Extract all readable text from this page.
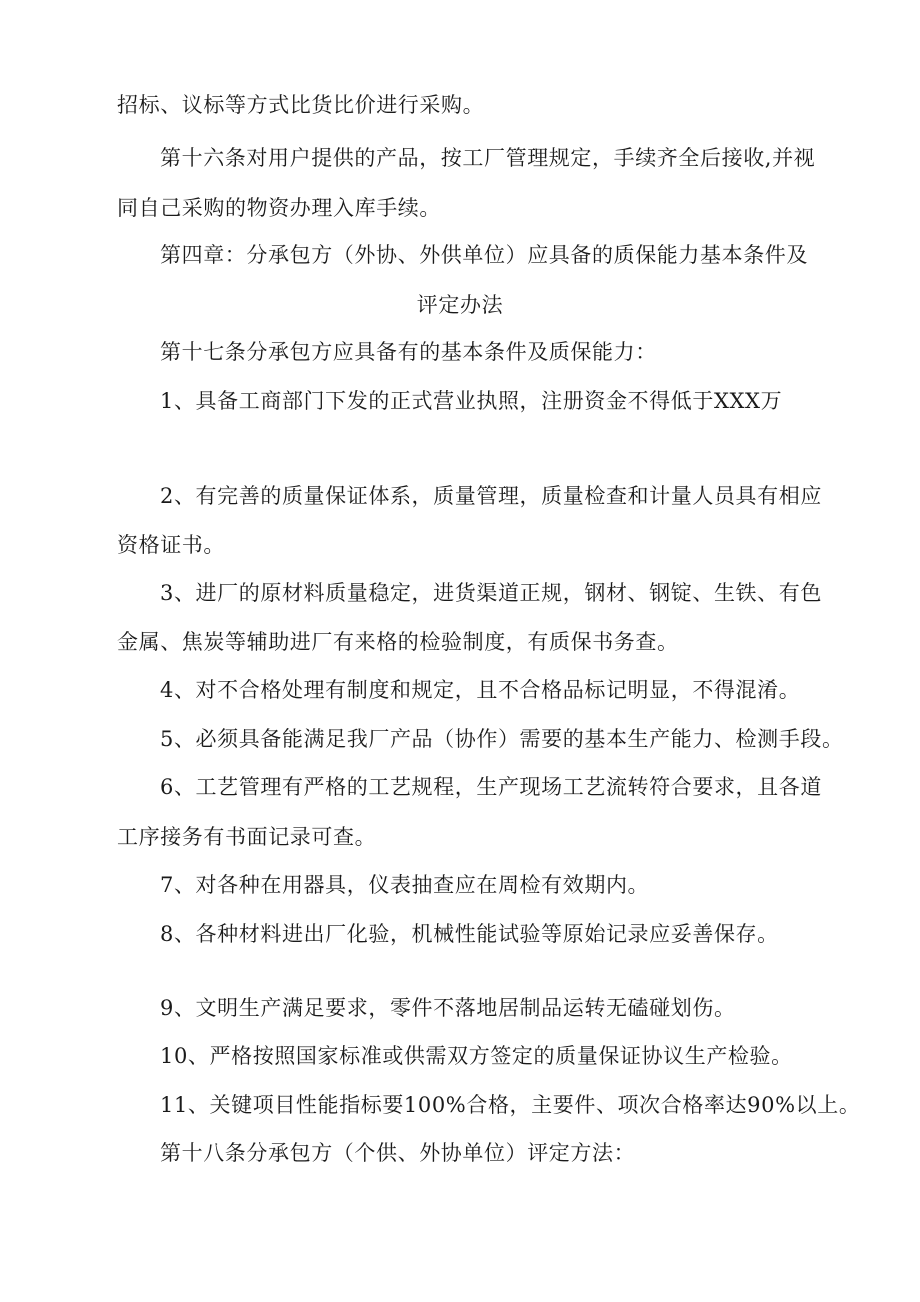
招标、议标等方式比货比价进行采购。
第十六条对用户提供的产品，按工厂管理规定，手续齐全后接收,并视
同自己采购的物资办理入库手续。
第四章：分承包方（外协、外供单位）应具备的质保能力基本条件及
评定办法
第十七条分承包方应具备有的基本条件及质保能力：
1、具备工商部门下发的正式营业执照，注册资金不得低于XXX万
2、有完善的质量保证体系，质量管理，质量检查和计量人员具有相应
资格证书。
3、进厂的原材料质量稳定，进货渠道正规，钢材、钢锭、生铁、有色
金属、焦炭等辅助进厂有来格的检验制度，有质保书务查。
4、对不合格处理有制度和规定，且不合格品标记明显，不得混淆。
5、必须具备能满足我厂产品（协作）需要的基本生产能力、检测手段。
6、工艺管理有严格的工艺规程，生产现场工艺流转符合要求，且各道
工序接务有书面记录可查。
7、对各种在用器具，仪表抽查应在周检有效期内。
8、各种材料进出厂化验，机械性能试验等原始记录应妥善保存。
9、文明生产满足要求，零件不落地居制品运转无磕碰划伤。
10、严格按照国家标准或供需双方签定的质量保证协议生产检验。
11、关键项目性能指标要100%合格，主要件、项次合格率达90%以上。
第十八条分承包方（个供、外协单位）评定方法：
